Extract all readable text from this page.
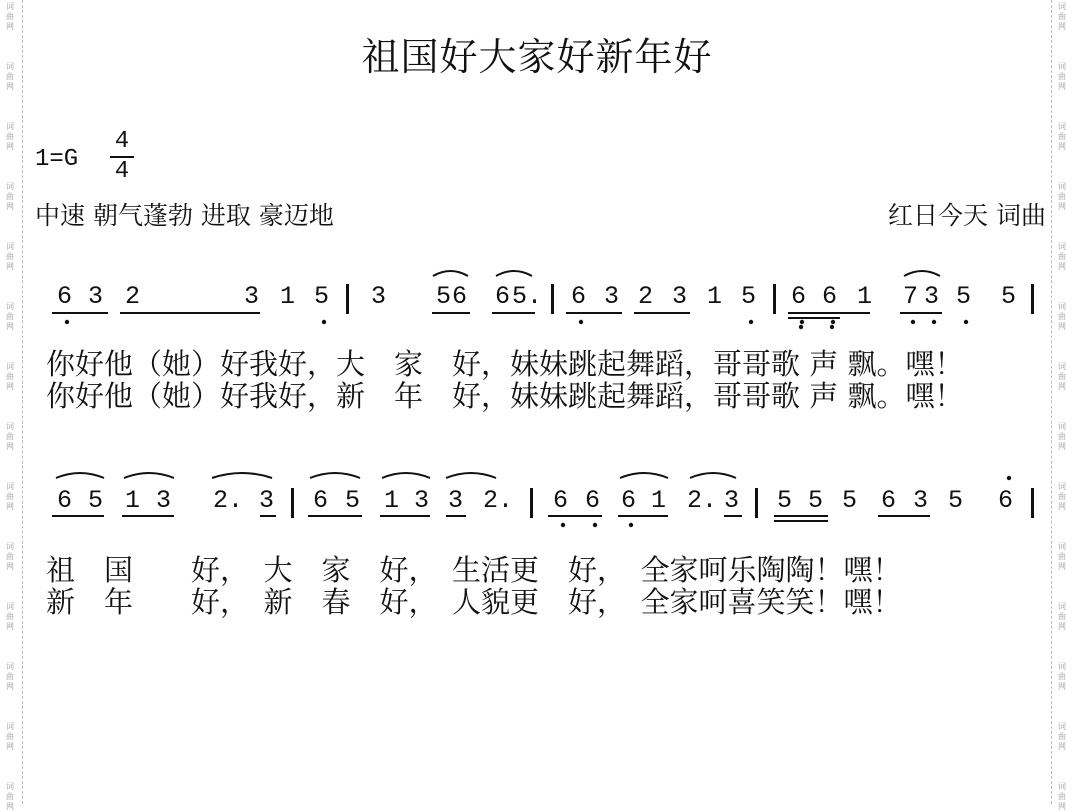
词
曲
网
词
曲
网
词
曲
网
词
曲
网
词
曲
网
词
曲
网
词
曲
网
词
曲
网
词
曲
网
词
曲
网
词
曲
网
词
曲
网
词
曲
网
词
曲
网
词
曲
网
词
曲
网
词
曲
网
词
曲
网
词
曲
网
词
曲
网
词
曲
网
词
曲
网
词
曲
网
词
曲
网
词
曲
网
词
曲
网
词
曲
网
词
曲
网
祖国好大家好新年好
1=G
4
4
中速 朝气蓬勃 进取 豪迈地	红日今天 词曲
6 3 2	3 1 5 3 5 6 6 5. 6 3 2 3 1 5 6 6 1 7 3 5 5
你好他（她）好我好，大　家　好，妹妹跳起舞蹈，哥哥歌 声 飘。嘿！
你好他（她）好我好，新　年　好，妹妹跳起舞蹈，哥哥歌 声 飘。嘿！
6 5 1 3 2. 3 6 5 1 3 3 2. 6 6 6 1 2. 3 5 5 5 6 3 5 6
祖　国　　好，　大　家　好，　生活更　好，　全家呵乐陶陶！嘿！
新　年　　好，　新　春　好，　人貌更　好，　全家呵喜笑笑！嘿！
